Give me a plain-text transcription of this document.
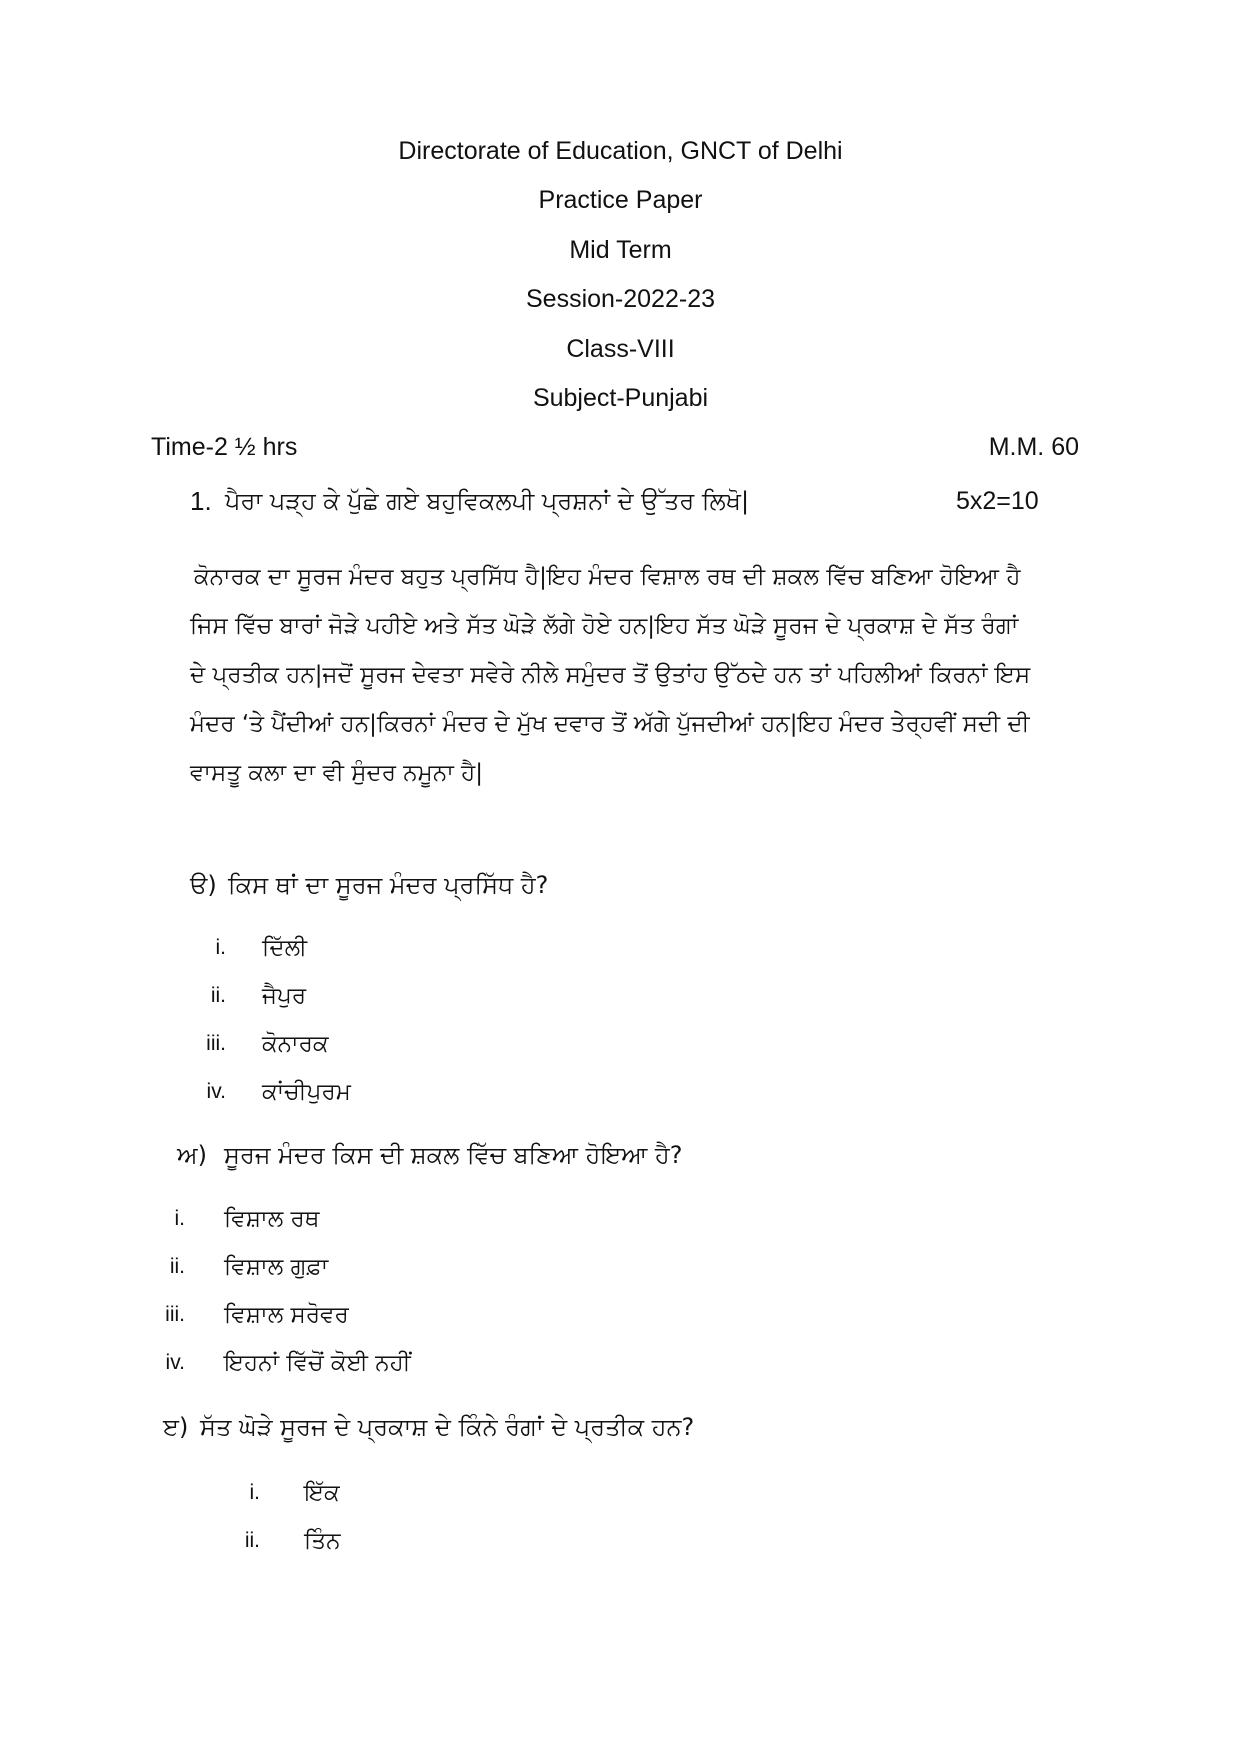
Directorate of Education, GNCT of Delhi
Practice Paper
Mid Term
Session-2022-23
Class-VIII
Subject-Punjabi
Time-2 ½ hrs	M.M. 60
1. ਪੈਰਾ ਪੜ੍ਹ ਕੇ ਪੁੱਛੇ ਗਏ ਬਹੁਵਿਕਲਪੀ ਪ੍ਰਸ਼ਨਾਂ ਦੇ ਉੱਤਰ ਲਿਖੋ|	5x2=10
ਕੋਨਾਰਕ ਦਾ ਸੂਰਜ ਮੰਦਰ ਬਹੁਤ ਪ੍ਰਸਿੱਧ ਹੈ|ਇਹ ਮੰਦਰ ਵਿਸ਼ਾਲ ਰਥ ਦੀ ਸ਼ਕਲ ਵਿੱਚ ਬਣਿਆ ਹੋਇਆ ਹੈ
ਜਿਸ ਵਿੱਚ ਬਾਰਾਂ ਜੋੜੇ ਪਹੀਏ ਅਤੇ ਸੱਤ ਘੋੜੇ ਲੱਗੇ ਹੋਏ ਹਨ|ਇਹ ਸੱਤ ਘੋੜੇ ਸੂਰਜ ਦੇ ਪ੍ਰਕਾਸ਼ ਦੇ ਸੱਤ ਰੰਗਾਂ
ਦੇ ਪ੍ਰਤੀਕ ਹਨ|ਜਦੋਂ ਸੂਰਜ ਦੇਵਤਾ ਸਵੇਰੇ ਨੀਲੇ ਸਮੁੰਦਰ ਤੋਂ ਉਤਾਂਹ ਉੱਠਦੇ ਹਨ ਤਾਂ ਪਹਿਲੀਆਂ ਕਿਰਨਾਂ ਇਸ
ਮੰਦਰ ‘ਤੇ ਪੈਂਦੀਆਂ ਹਨ|ਕਿਰਨਾਂ ਮੰਦਰ ਦੇ ਮੁੱਖ ਦਵਾਰ ਤੋਂ ਅੱਗੇ ਪੁੱਜਦੀਆਂ ਹਨ|ਇਹ ਮੰਦਰ ਤੇਰ੍ਹਵੀਂ ਸਦੀ ਦੀ
ਵਾਸਤੂ ਕਲਾ ਦਾ ਵੀ ਸੁੰਦਰ ਨਮੂਨਾ ਹੈ|
ੳ) ਕਿਸ ਥਾਂ ਦਾ ਸੂਰਜ ਮੰਦਰ ਪ੍ਰਸਿੱਧ ਹੈ?
i. ਦਿੱਲੀ
ii. ਜੈਪੁਰ
iii. ਕੋਨਾਰਕ
iv. ਕਾਂਚੀਪੁਰਮ
ਅ) ਸੂਰਜ ਮੰਦਰ ਕਿਸ ਦੀ ਸ਼ਕਲ ਵਿੱਚ ਬਣਿਆ ਹੋਇਆ ਹੈ?
i. ਵਿਸ਼ਾਲ ਰਥ
ii. ਵਿਸ਼ਾਲ ਗੁਫ਼ਾ
iii. ਵਿਸ਼ਾਲ ਸਰੋਵਰ
iv. ਇਹਨਾਂ ਵਿੱਚੋਂ ਕੋਈ ਨਹੀਂ
ੲ) ਸੱਤ ਘੋੜੇ ਸੂਰਜ ਦੇ ਪ੍ਰਕਾਸ਼ ਦੇ ਕਿੰਨੇ ਰੰਗਾਂ ਦੇ ਪ੍ਰਤੀਕ ਹਨ?
i. ਇੱਕ
ii. ਤਿੰਨ
